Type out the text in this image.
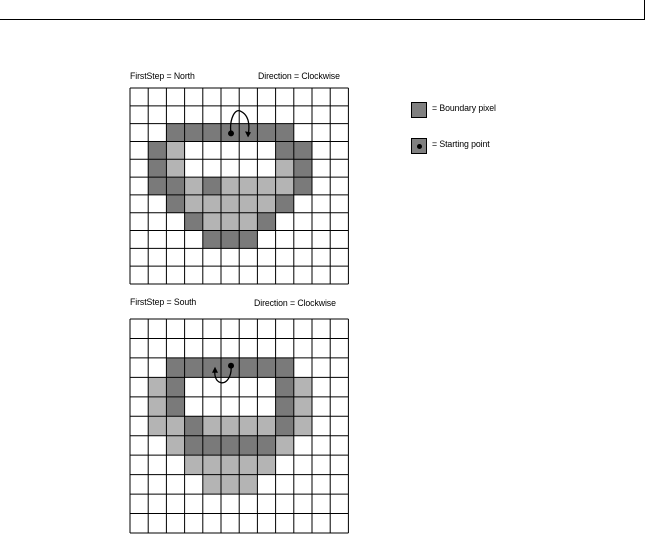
FirstStep = North	Direction = Clockwise
FirstStep = South	Direction = Clockwise
= Boundary pixel
= Starting point
